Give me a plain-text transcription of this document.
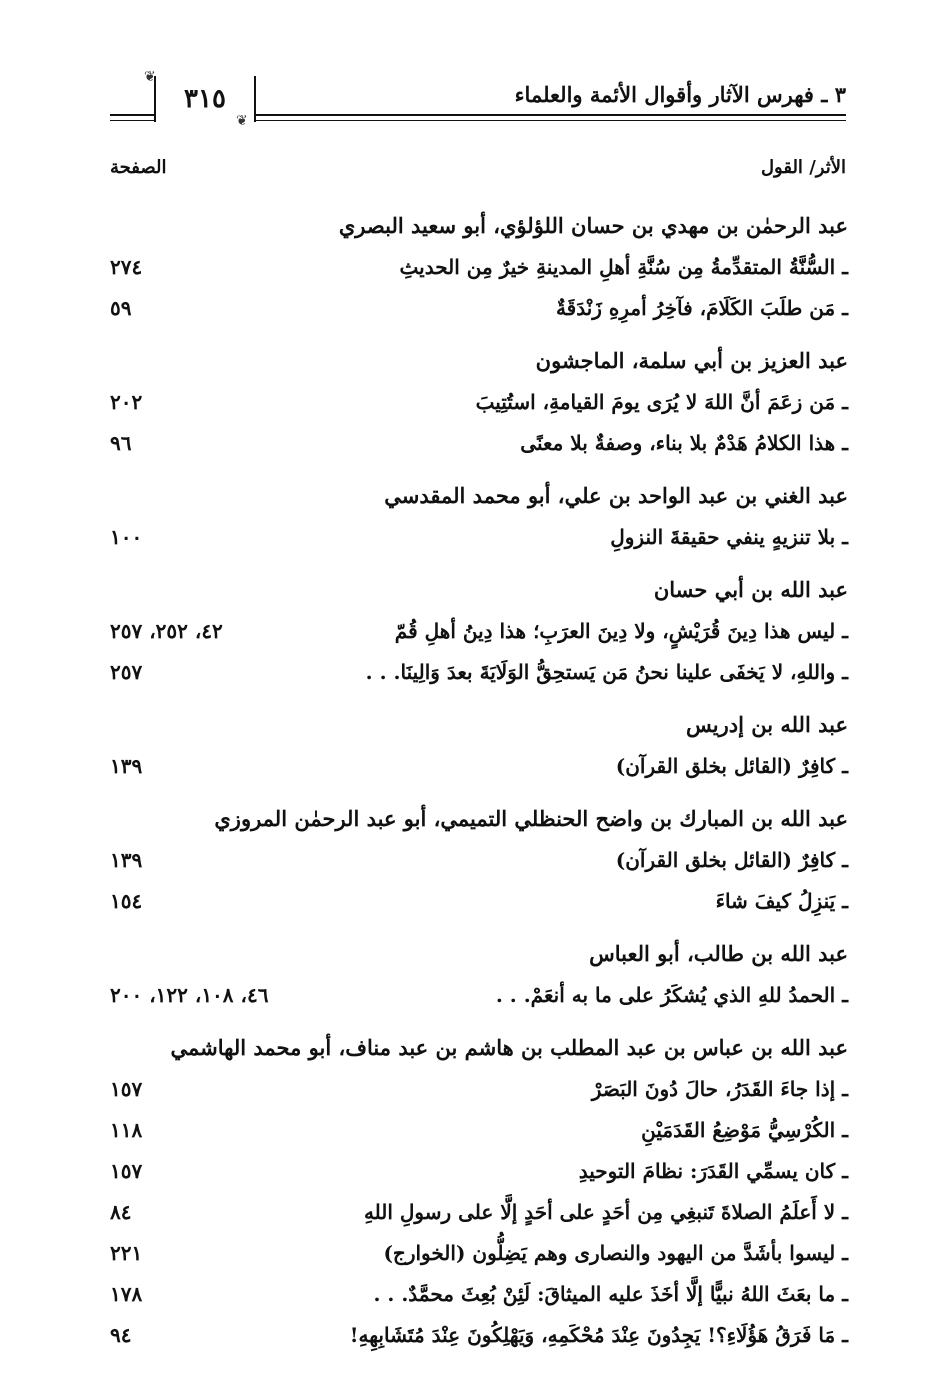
٣ ـ فهرس الآثار وأقوال الأئمة والعلماء
٣١٥
❦
❦
الأثر/ القول
الصفحة
عبد الرحمٰن بن مهدي بن حسان اللؤلؤي، أبو سعيد البصري
ـ السُّنَّةُ المتقدِّمةُ مِن سُنَّةِ أهلِ المدينةِ خيرٌ مِن الحديثِ
٢٧٤
ـ مَن طلَبَ الكَلَامَ، فآخِرُ أمرِهِ زَنْدَقَةٌ
٥٩
عبد العزيز بن أبي سلمة، الماجشون
ـ مَن زعَمَ أنَّ اللهَ لا يُرَى يومَ القيامةِ، استُتِيبَ
٢٠٢
ـ هذا الكلامُ هَدْمٌ بلا بناء، وصفةٌ بلا معنًى
٩٦
عبد الغني بن عبد الواحد بن علي، أبو محمد المقدسي
ـ بلا تنزيهٍ ينفي حقيقةَ النزولِ
١٠٠
عبد الله بن أبي حسان
ـ ليس هذا دِينَ قُرَيْشٍ، ولا دِينَ العرَبِ؛ هذا دِينُ أهلِ قُمّ
٤٢، ٢٥٢، ٢٥٧
ـ واللهِ، لا يَخفَى علينا نحنُ مَن يَستحِقُّ الوَلَايَةَ بعدَ وَالِينَا. . .
٢٥٧
عبد الله بن إدريس
ـ كافِرٌ (القائل بخلق القرآن)
١٣٩
عبد الله بن المبارك بن واضح الحنظلي التميمي، أبو عبد الرحمٰن المروزي
ـ كافِرٌ (القائل بخلق القرآن)
١٣٩
ـ يَنزِلُ كيفَ شاءَ
١٥٤
عبد الله بن طالب، أبو العباس
ـ الحمدُ للهِ الذي يُشكَرُ على ما به أنعَمْ. . .
٤٦، ١٠٨، ١٢٢، ٢٠٠
عبد الله بن عباس بن عبد المطلب بن هاشم بن عبد مناف، أبو محمد الهاشمي
ـ إذا جاءَ القَدَرُ، حالَ دُونَ البَصَرْ
١٥٧
ـ الكُرْسِيُّ مَوْضِعُ القَدَمَيْنِ
١١٨
ـ كان يسمِّي القَدَرَ: نظامَ التوحيدِ
١٥٧
ـ لا أَعلَمُ الصلاةَ تَنبغِي مِن أحَدٍ على أحَدٍ إلَّا على رسولِ اللهِ
٨٤
ـ ليسوا بأشَدَّ من اليهود والنصارى وهم يَضِلُّون (الخوارج)
٢٢١
ـ ما بعَثَ اللهُ نبيًّا إلَّا أخَذَ عليه الميثاقَ: لَئِنْ بُعِثَ محمَّدٌ. . .
١٧٨
ـ مَا فَرَقُ هَؤُلَاءِ؟! يَجِدُونَ عِنْدَ مُحْكَمِهِ، وَيَهْلِكُونَ عِنْدَ مُتَشَابِهِهِ!
٩٤
